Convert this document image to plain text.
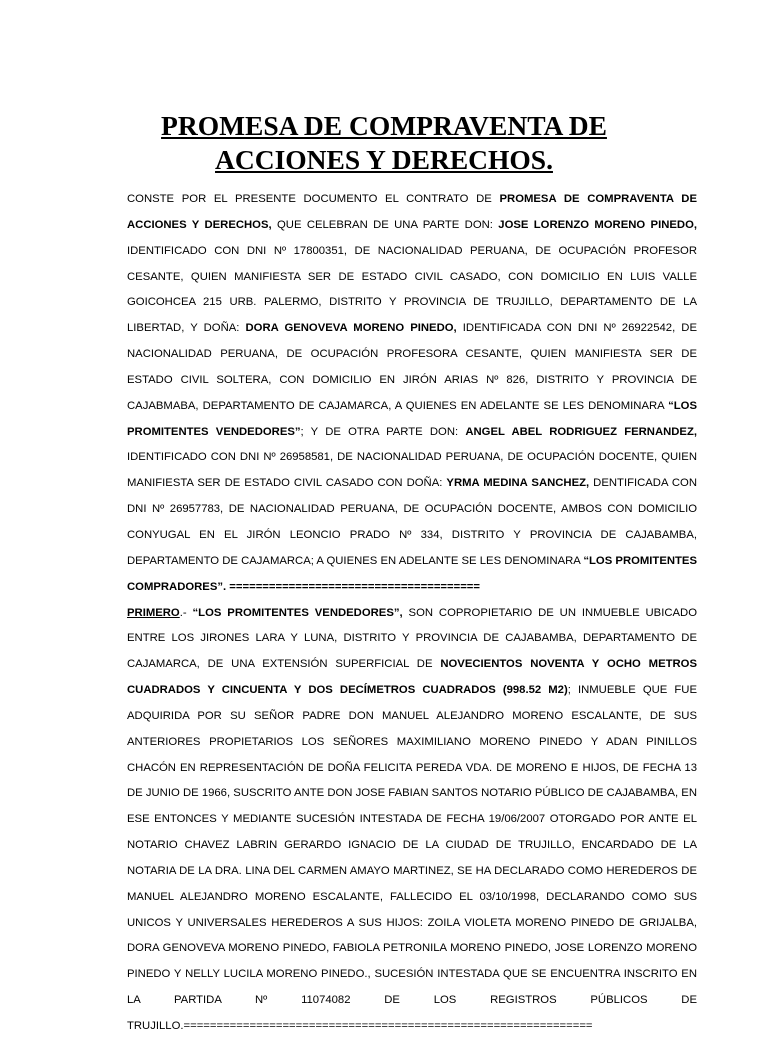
PROMESA DE COMPRAVENTA DE
ACCIONES Y DERECHOS.

CONSTE POR EL PRESENTE DOCUMENTO EL CONTRATO DE PROMESA DE COMPRAVENTA DE ACCIONES Y DERECHOS, QUE CELEBRAN DE UNA PARTE DON: JOSE LORENZO MORENO PINEDO, IDENTIFICADO CON DNI Nº 17800351, DE NACIONALIDAD PERUANA, DE OCUPACIÓN PROFESOR CESANTE, QUIEN MANIFIESTA SER DE ESTADO CIVIL CASADO, CON DOMICILIO EN LUIS VALLE GOICOHCEA 215 URB. PALERMO, DISTRITO Y PROVINCIA DE TRUJILLO, DEPARTAMENTO DE LA LIBERTAD, Y DOÑA: DORA GENOVEVA MORENO PINEDO, IDENTIFICADA CON DNI Nº 26922542, DE NACIONALIDAD PERUANA, DE OCUPACIÓN PROFESORA CESANTE, QUIEN MANIFIESTA SER DE ESTADO CIVIL SOLTERA, CON DOMICILIO EN JIRÓN ARIAS Nº 826, DISTRITO Y PROVINCIA DE CAJABMABA, DEPARTAMENTO DE CAJAMARCA, A QUIENES EN ADELANTE SE LES DENOMINARA “LOS PROMITENTES VENDEDORES”; Y DE OTRA PARTE DON: ANGEL ABEL RODRIGUEZ FERNANDEZ, IDENTIFICADO CON DNI Nº 26958581, DE NACIONALIDAD PERUANA, DE OCUPACIÓN DOCENTE, QUIEN MANIFIESTA SER DE ESTADO CIVIL CASADO CON DOÑA: YRMA MEDINA SANCHEZ, DENTIFICADA CON DNI Nº 26957783, DE NACIONALIDAD PERUANA, DE OCUPACIÓN DOCENTE, AMBOS CON DOMICILIO CONYUGAL EN EL JIRÓN LEONCIO PRADO Nº 334, DISTRITO Y PROVINCIA DE CAJABAMBA, DEPARTAMENTO DE CAJAMARCA; A QUIENES EN ADELANTE SE LES DENOMINARA “LOS PROMITENTES COMPRADORES”. ======================================
PRIMERO.- “LOS PROMITENTES VENDEDORES”, SON COPROPIETARIO DE UN INMUEBLE UBICADO ENTRE LOS JIRONES LARA Y LUNA, DISTRITO Y PROVINCIA DE CAJABAMBA, DEPARTAMENTO DE CAJAMARCA, DE UNA EXTENSIÓN SUPERFICIAL DE NOVECIENTOS NOVENTA Y OCHO METROS CUADRADOS Y CINCUENTA Y DOS DECÍMETROS CUADRADOS (998.52 M2); INMUEBLE QUE FUE ADQUIRIDA POR SU SEÑOR PADRE DON MANUEL ALEJANDRO MORENO ESCALANTE, DE SUS ANTERIORES PROPIETARIOS LOS SEÑORES MAXIMILIANO MORENO PINEDO Y ADAN PINILLOS CHACÓN EN REPRESENTACIÓN DE DOÑA FELICITA PEREDA VDA. DE MORENO E HIJOS, DE FECHA 13 DE JUNIO DE 1966, SUSCRITO ANTE DON JOSE FABIAN SANTOS NOTARIO PÚBLICO DE CAJABAMBA, EN ESE ENTONCES Y MEDIANTE SUCESIÓN INTESTADA DE FECHA 19/06/2007 OTORGADO POR ANTE EL NOTARIO CHAVEZ LABRIN GERARDO IGNACIO DE LA CIUDAD DE TRUJILLO, ENCARDADO DE LA NOTARIA DE LA DRA. LINA DEL CARMEN AMAYO MARTINEZ, SE HA DECLARADO COMO HEREDEROS DE MANUEL ALEJANDRO MORENO ESCALANTE, FALLECIDO EL 03/10/1998, DECLARANDO COMO SUS UNICOS Y UNIVERSALES HEREDEROS A SUS HIJOS: ZOILA VIOLETA MORENO PINEDO DE GRIJALBA, DORA GENOVEVA MORENO PINEDO, FABIOLA PETRONILA MORENO PINEDO, JOSE LORENZO MORENO PINEDO Y NELLY LUCILA MORENO PINEDO., SUCESIÓN INTESTADA QUE SE ENCUENTRA INSCRITO EN LA PARTIDA Nº 11074082 DE LOS REGISTROS PÚBLICOS DE TRUJILLO.==============================================================
